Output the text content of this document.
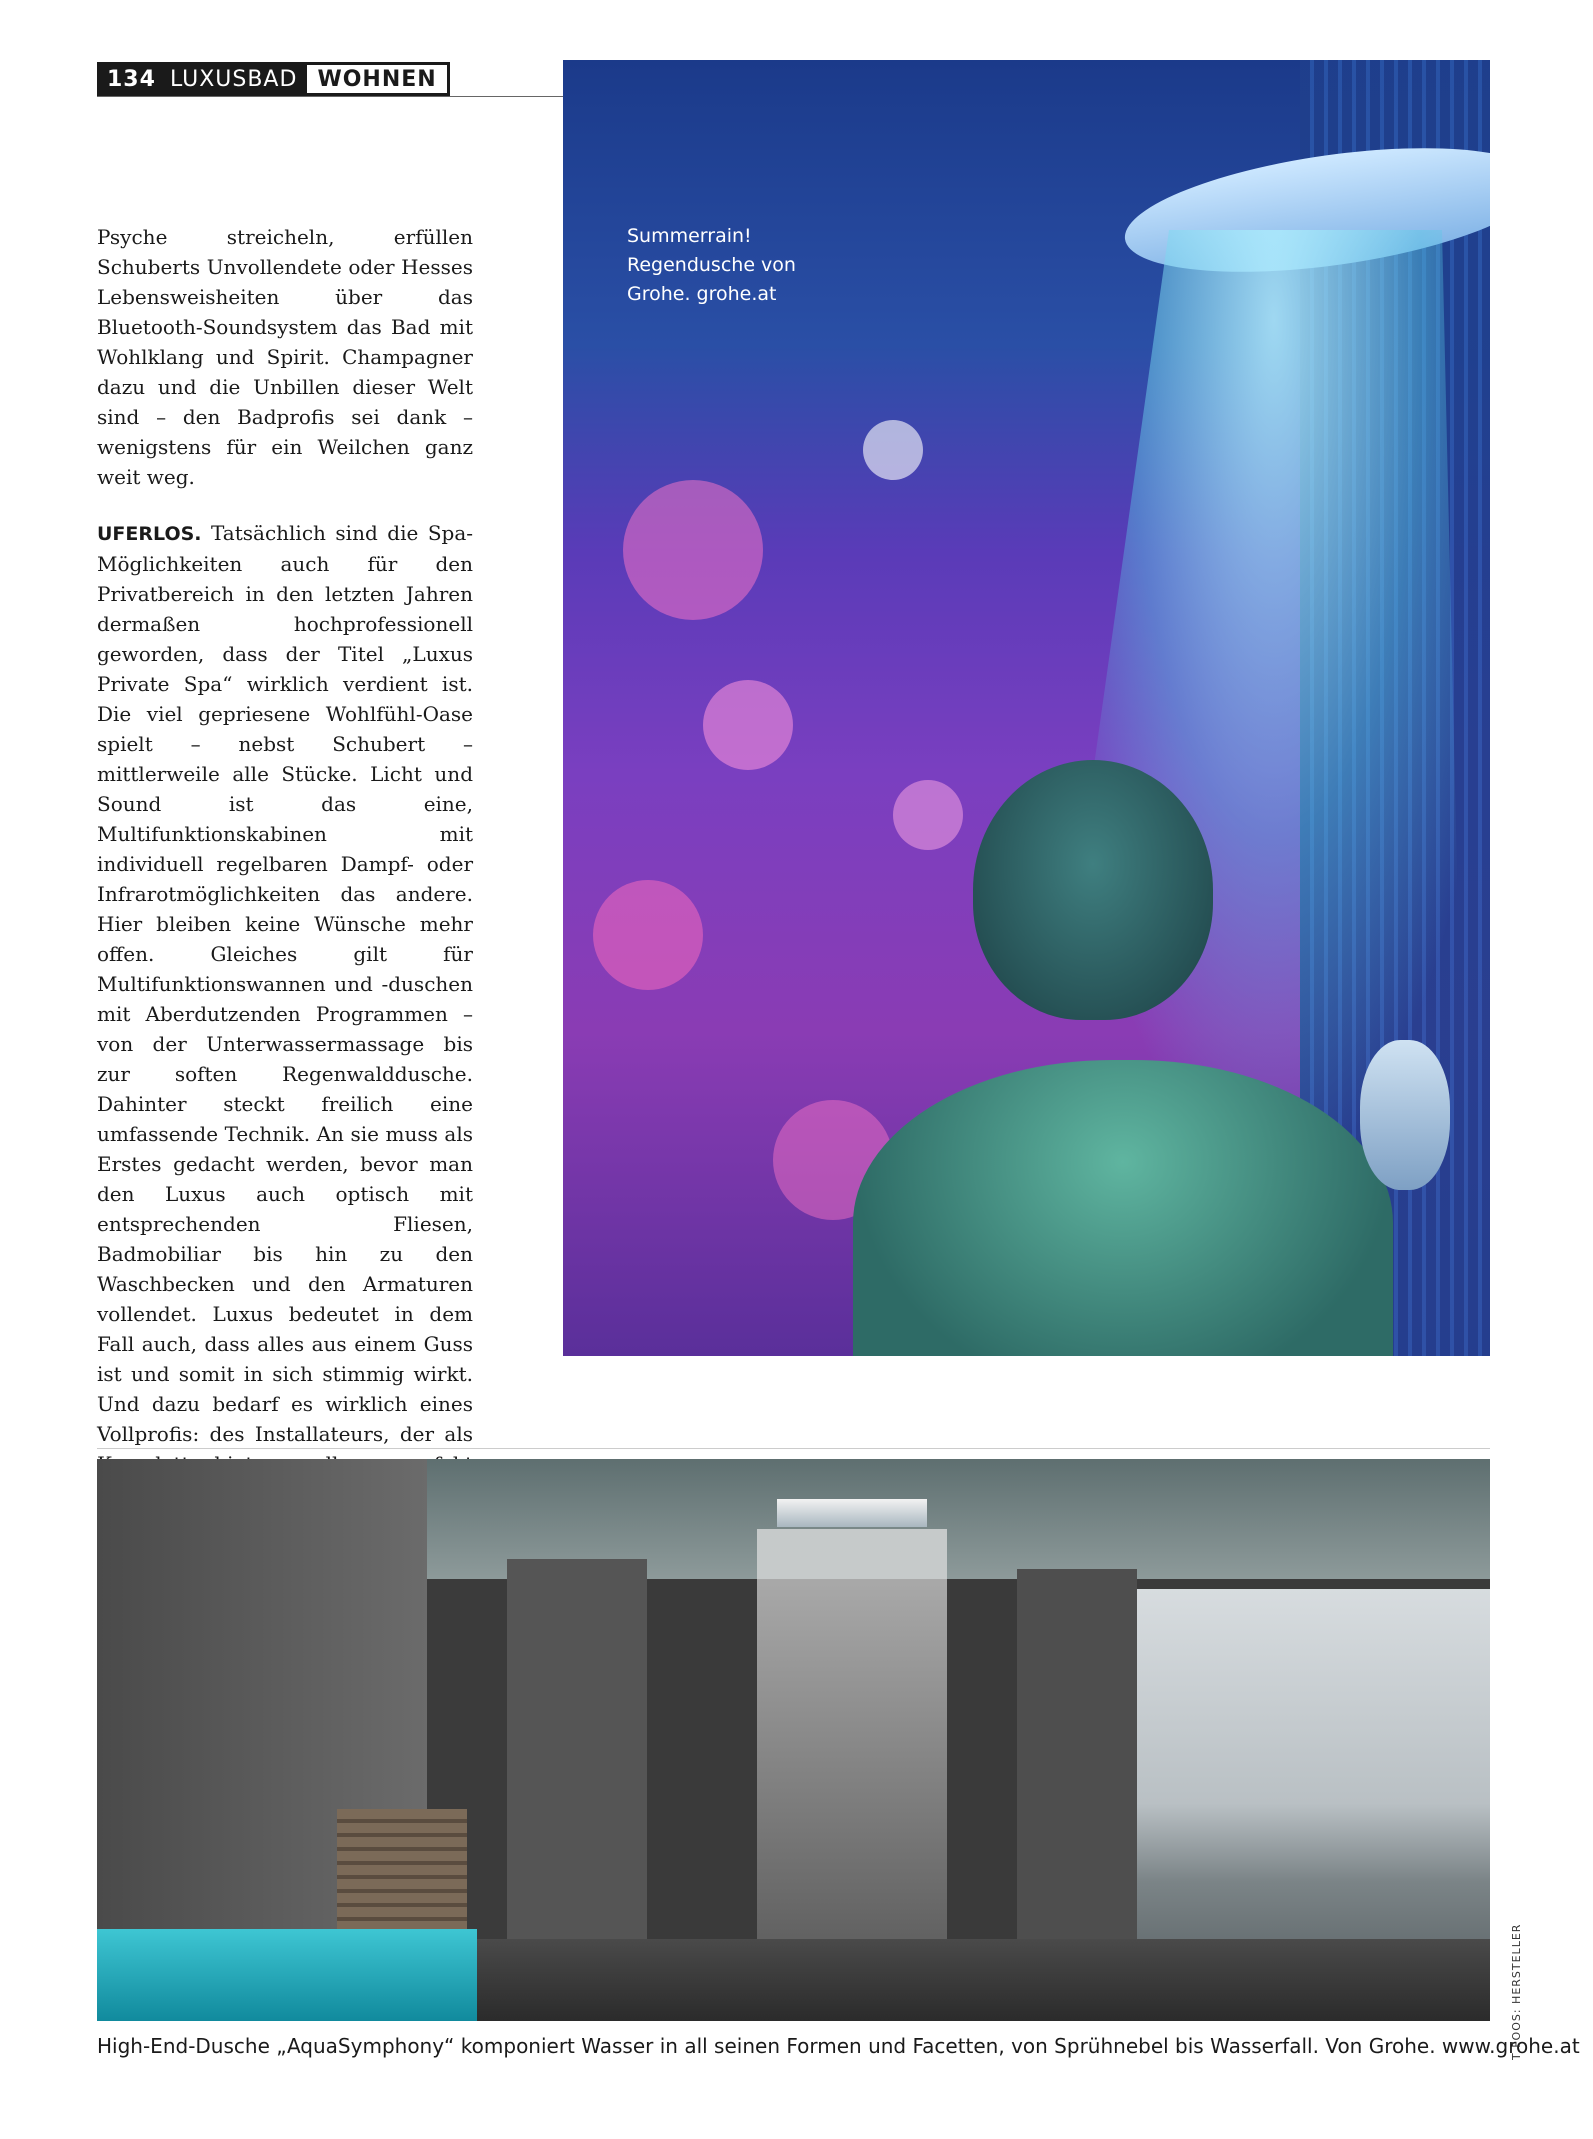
134 LUXUSBAD WOHNEN

Psyche streicheln, erfüllen Schuberts Unvollendete oder Hesses Lebensweisheiten über das Bluetooth-Soundsystem das Bad mit Wohlklang und Spirit. Champagner dazu und die Unbillen dieser Welt sind – den Badprofis sei dank – wenigstens für ein Weilchen ganz weit weg.

UFERLOS. Tatsächlich sind die Spa-Möglichkeiten auch für den Privatbereich in den letzten Jahren dermaßen hochprofessionell geworden, dass der Titel „Luxus Private Spa“ wirklich verdient ist. Die viel gepriesene Wohlfühl-Oase spielt – nebst Schubert – mittlerweile alle Stücke. Licht und Sound ist das eine, Multifunktionskabinen mit individuell regelbaren Dampf- oder Infrarotmöglichkeiten das andere. Hier bleiben keine Wünsche mehr offen. Gleiches gilt für Multifunktionswannen und -duschen mit Aberdutzenden Programmen – von der Unterwassermassage bis zur soften Regenwalddusche. Dahinter steckt freilich eine umfassende Technik. An sie muss als Erstes gedacht werden, bevor man den Luxus auch optisch mit entsprechenden Fliesen, Badmobiliar bis hin zu den Waschbecken und den Armaturen vollendet. Luxus bedeutet in dem Fall auch, dass alles aus einem Guss ist und somit in sich stimmig wirkt. Und dazu bedarf es wirklich eines Vollprofis: des Installateurs, der als

Summerrain!
Regendusche von
Grohe. grohe.at
High-End-Dusche „AquaSymphony“ komponiert Wasser in all seinen Formen und Facetten, von Sprühnebel bis Wasserfall. Von Grohe. www.grohe.at
T FOOS: HERSTELLER
